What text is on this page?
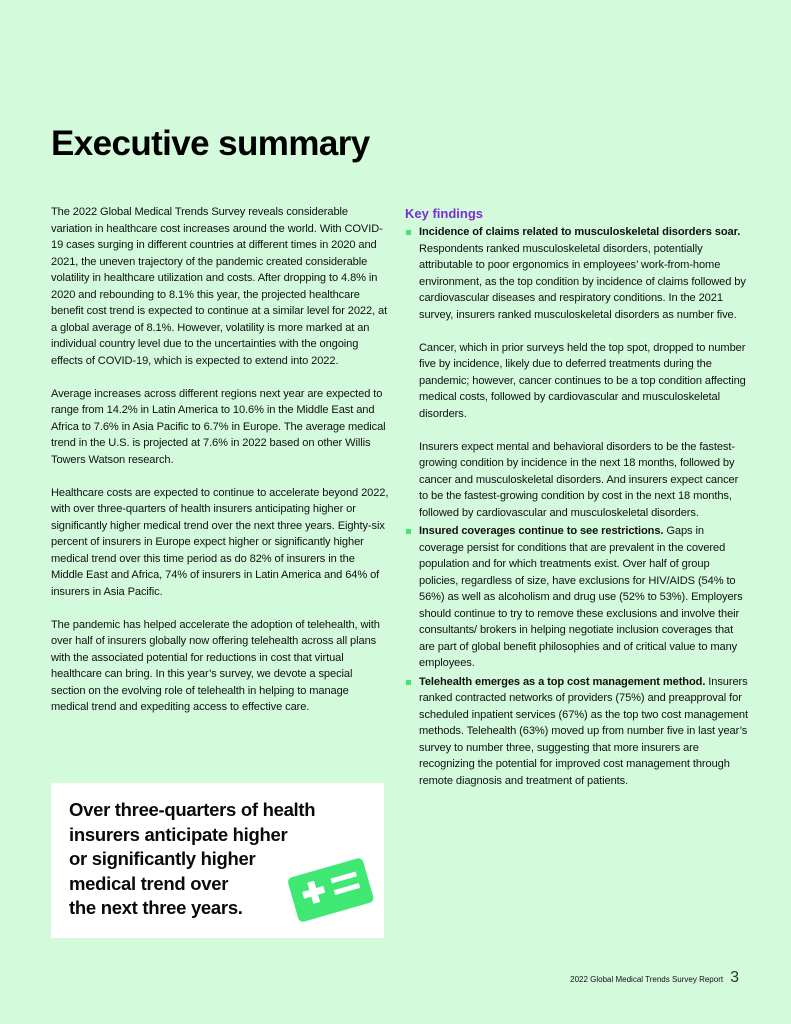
Executive summary

The 2022 Global Medical Trends Survey reveals considerable variation in healthcare cost increases around the world. With COVID-19 cases surging in different countries at different times in 2020 and 2021, the uneven trajectory of the pandemic created considerable volatility in healthcare utilization and costs. After dropping to 4.8% in 2020 and rebounding to 8.1% this year, the projected healthcare benefit cost trend is expected to continue at a similar level for 2022, at a global average of 8.1%. However, volatility is more marked at an individual country level due to the uncertainties with the ongoing effects of COVID-19, which is expected to extend into 2022.

Average increases across different regions next year are expected to range from 14.2% in Latin America to 10.6% in the Middle East and Africa to 7.6% in Asia Pacific to 6.7% in Europe. The average medical trend in the U.S. is projected at 7.6% in 2022 based on other Willis Towers Watson research.

Healthcare costs are expected to continue to accelerate beyond 2022, with over three-quarters of health insurers anticipating higher or significantly higher medical trend over the next three years. Eighty-six percent of insurers in Europe expect higher or significantly higher medical trend over this time period as do 82% of insurers in the Middle East and Africa, 74% of insurers in Latin America and 64% of insurers in Asia Pacific.

The pandemic has helped accelerate the adoption of telehealth, with over half of insurers globally now offering telehealth across all plans with the associated potential for reductions in cost that virtual healthcare can bring. In this year’s survey, we devote a special section on the evolving role of telehealth in helping to manage medical trend and expediting access to effective care.

Key findings

Incidence of claims related to musculoskeletal disorders soar. Respondents ranked musculoskeletal disorders, potentially attributable to poor ergonomics in employees’ work-from-home environment, as the top condition by incidence of claims followed by cardiovascular diseases and respiratory conditions. In the 2021 survey, insurers ranked musculoskeletal disorders as number five.

Cancer, which in prior surveys held the top spot, dropped to number five by incidence, likely due to deferred treatments during the pandemic; however, cancer continues to be a top condition affecting medical costs, followed by cardiovascular and musculoskeletal disorders.

Insurers expect mental and behavioral disorders to be the fastest-growing condition by incidence in the next 18 months, followed by cancer and musculoskeletal disorders. And insurers expect cancer to be the fastest-growing condition by cost in the next 18 months, followed by cardiovascular and musculoskeletal disorders.

Insured coverages continue to see restrictions. Gaps in coverage persist for conditions that are prevalent in the covered population and for which treatments exist. Over half of group policies, regardless of size, have exclusions for HIV/AIDS (54% to 56%) as well as alcoholism and drug use (52% to 53%). Employers should continue to try to remove these exclusions and involve their consultants/ brokers in helping negotiate inclusion coverages that are part of global benefit philosophies and of critical value to many employees.

Telehealth emerges as a top cost management method. Insurers ranked contracted networks of providers (75%) and preapproval for scheduled inpatient services (67%) as the top two cost management methods. Telehealth (63%) moved up from number five in last year’s survey to number three, suggesting that more insurers are recognizing the potential for improved cost management through remote diagnosis and treatment of patients.

Over three-quarters of health
insurers anticipate higher
or significantly higher
medical trend over
the next three years.

2022 Global Medical Trends Survey Report 3
